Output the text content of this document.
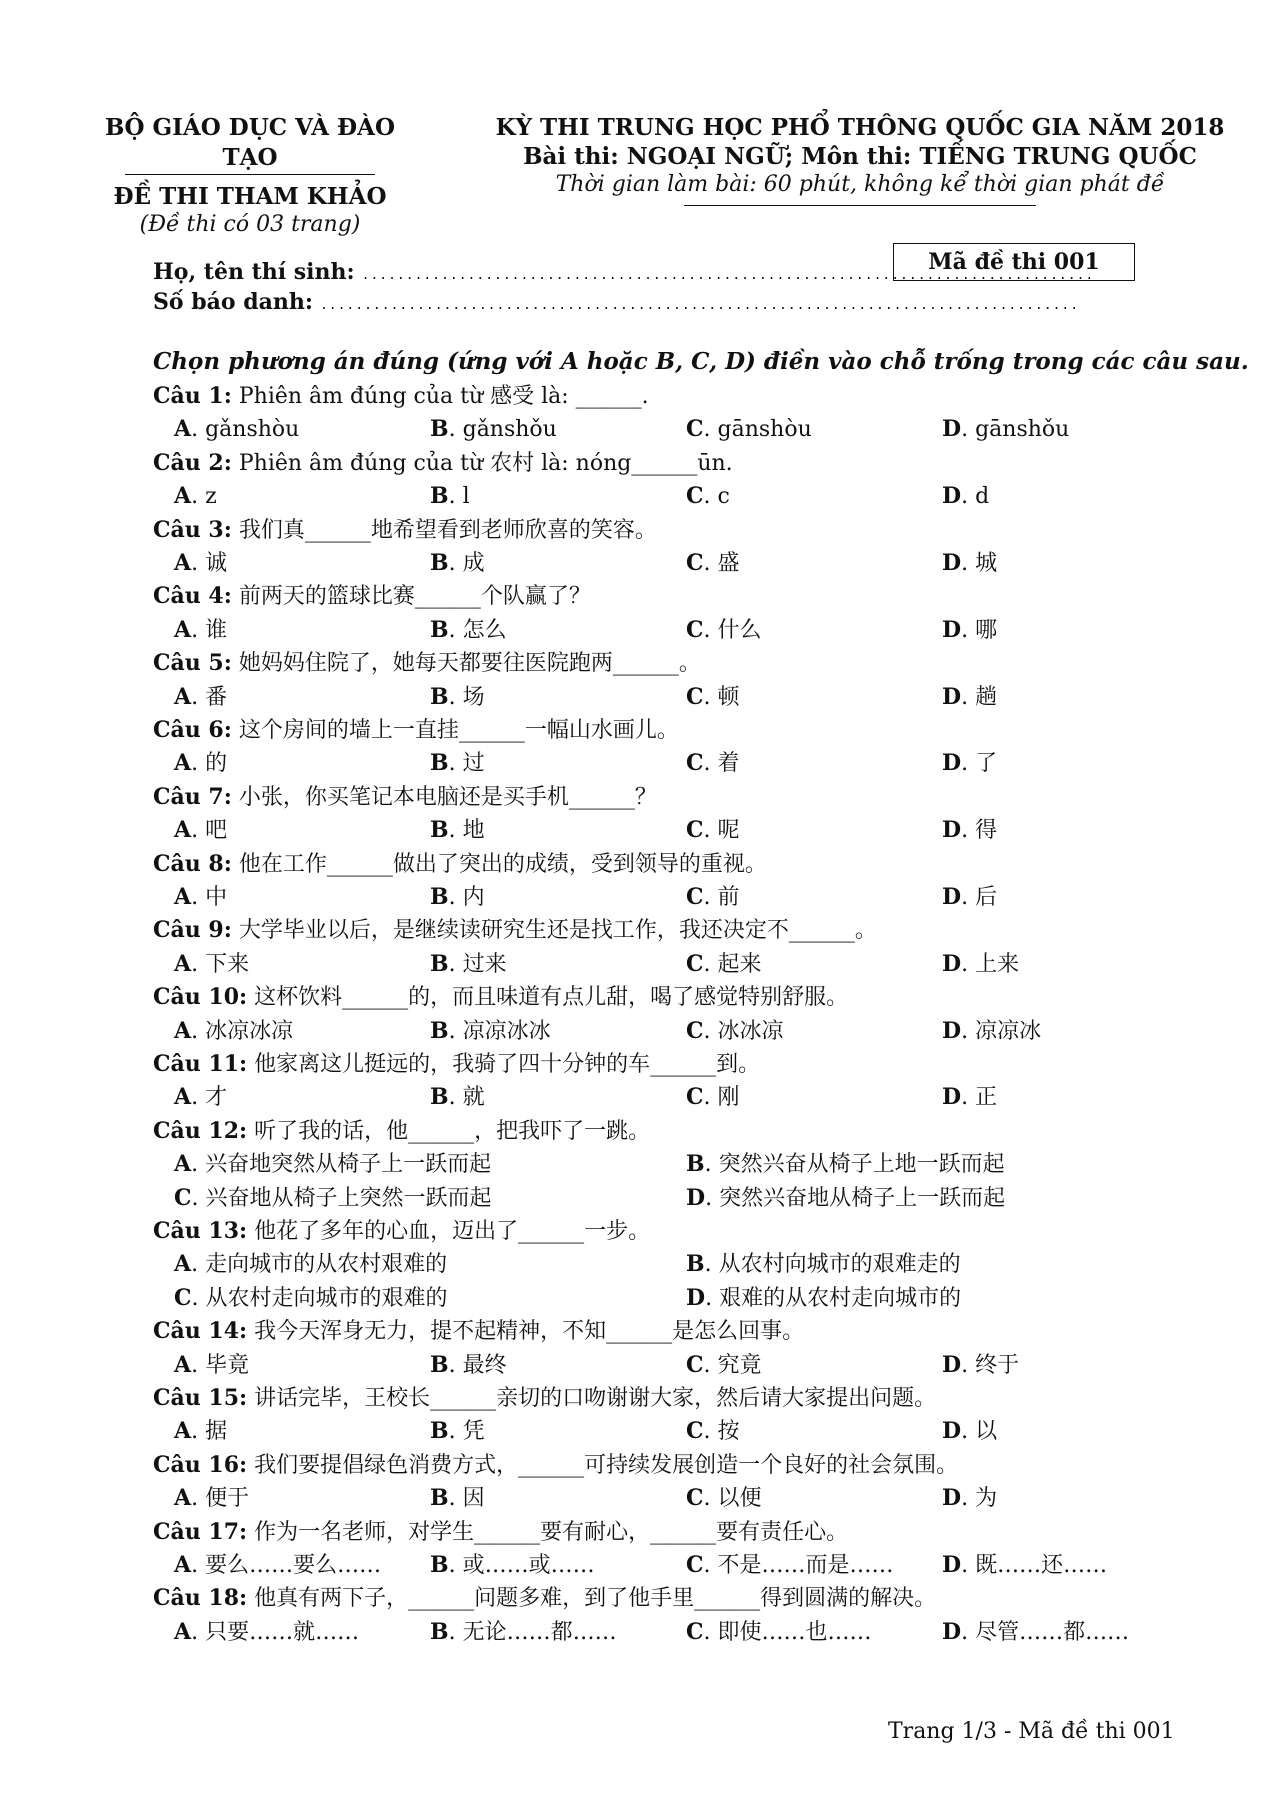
BỘ GIÁO DỤC VÀ ĐÀO TẠO
ĐỀ THI THAM KHẢO
(Đề thi có 03 trang)
KỲ THI TRUNG HỌC PHỔ THÔNG QUỐC GIA NĂM 2018
Bài thi: NGOẠI NGỮ; Môn thi: TIẾNG TRUNG QUỐC
Thời gian làm bài: 60 phút, không kể thời gian phát đề
Mã đề thi 001
Họ, tên thí sinh: ...................................................................................
Số báo danh: ......................................................................................
Chọn phương án đúng (ứng với A hoặc B, C, D) điền vào chỗ trống trong các câu sau.
Câu 1: Phiên âm đúng của từ 感受 là: ______.
A. gǎnshòu	B. gǎnshǒu	C. gānshòu	D. gānshǒu
Câu 2: Phiên âm đúng của từ 农村 là: nóng______ūn.
A. z	B. l	C. c	D. d
Câu 3: 我们真______地希望看到老师欣喜的笑容。
A. 诚	B. 成	C. 盛	D. 城
Câu 4: 前两天的篮球比赛______个队赢了？
A. 谁	B. 怎么	C. 什么	D. 哪
Câu 5: 她妈妈住院了，她每天都要往医院跑两______。
A. 番	B. 场	C. 顿	D. 趟
Câu 6: 这个房间的墙上一直挂______一幅山水画儿。
A. 的	B. 过	C. 着	D. 了
Câu 7: 小张，你买笔记本电脑还是买手机______？
A. 吧	B. 地	C. 呢	D. 得
Câu 8: 他在工作______做出了突出的成绩，受到领导的重视。
A. 中	B. 内	C. 前	D. 后
Câu 9: 大学毕业以后，是继续读研究生还是找工作，我还决定不______。
A. 下来	B. 过来	C. 起来	D. 上来
Câu 10: 这杯饮料______的，而且味道有点儿甜，喝了感觉特别舒服。
A. 冰凉冰凉	B. 凉凉冰冰	C. 冰冰凉	D. 凉凉冰
Câu 11: 他家离这儿挺远的，我骑了四十分钟的车______到。
A. 才	B. 就	C. 刚	D. 正
Câu 12: 听了我的话，他______，把我吓了一跳。
A. 兴奋地突然从椅子上一跃而起	B. 突然兴奋从椅子上地一跃而起
C. 兴奋地从椅子上突然一跃而起	D. 突然兴奋地从椅子上一跃而起
Câu 13: 他花了多年的心血，迈出了______一步。
A. 走向城市的从农村艰难的	B. 从农村向城市的艰难走的
C. 从农村走向城市的艰难的	D. 艰难的从农村走向城市的
Câu 14: 我今天浑身无力，提不起精神，不知______是怎么回事。
A. 毕竟	B. 最终	C. 究竟	D. 终于
Câu 15: 讲话完毕，王校长______亲切的口吻谢谢大家，然后请大家提出问题。
A. 据	B. 凭	C. 按	D. 以
Câu 16: 我们要提倡绿色消费方式，______可持续发展创造一个良好的社会氛围。
A. 便于	B. 因	C. 以便	D. 为
Câu 17: 作为一名老师，对学生______要有耐心，______要有责任心。
A. 要么……要么…… B. 或……或……	C. 不是……而是…… D. 既……还……
Câu 18: 他真有两下子，______问题多难，到了他手里______得到圆满的解决。
A. 只要……就……	B. 无论……都……	C. 即使……也……	D. 尽管……都……
Trang 1/3 - Mã đề thi 001
